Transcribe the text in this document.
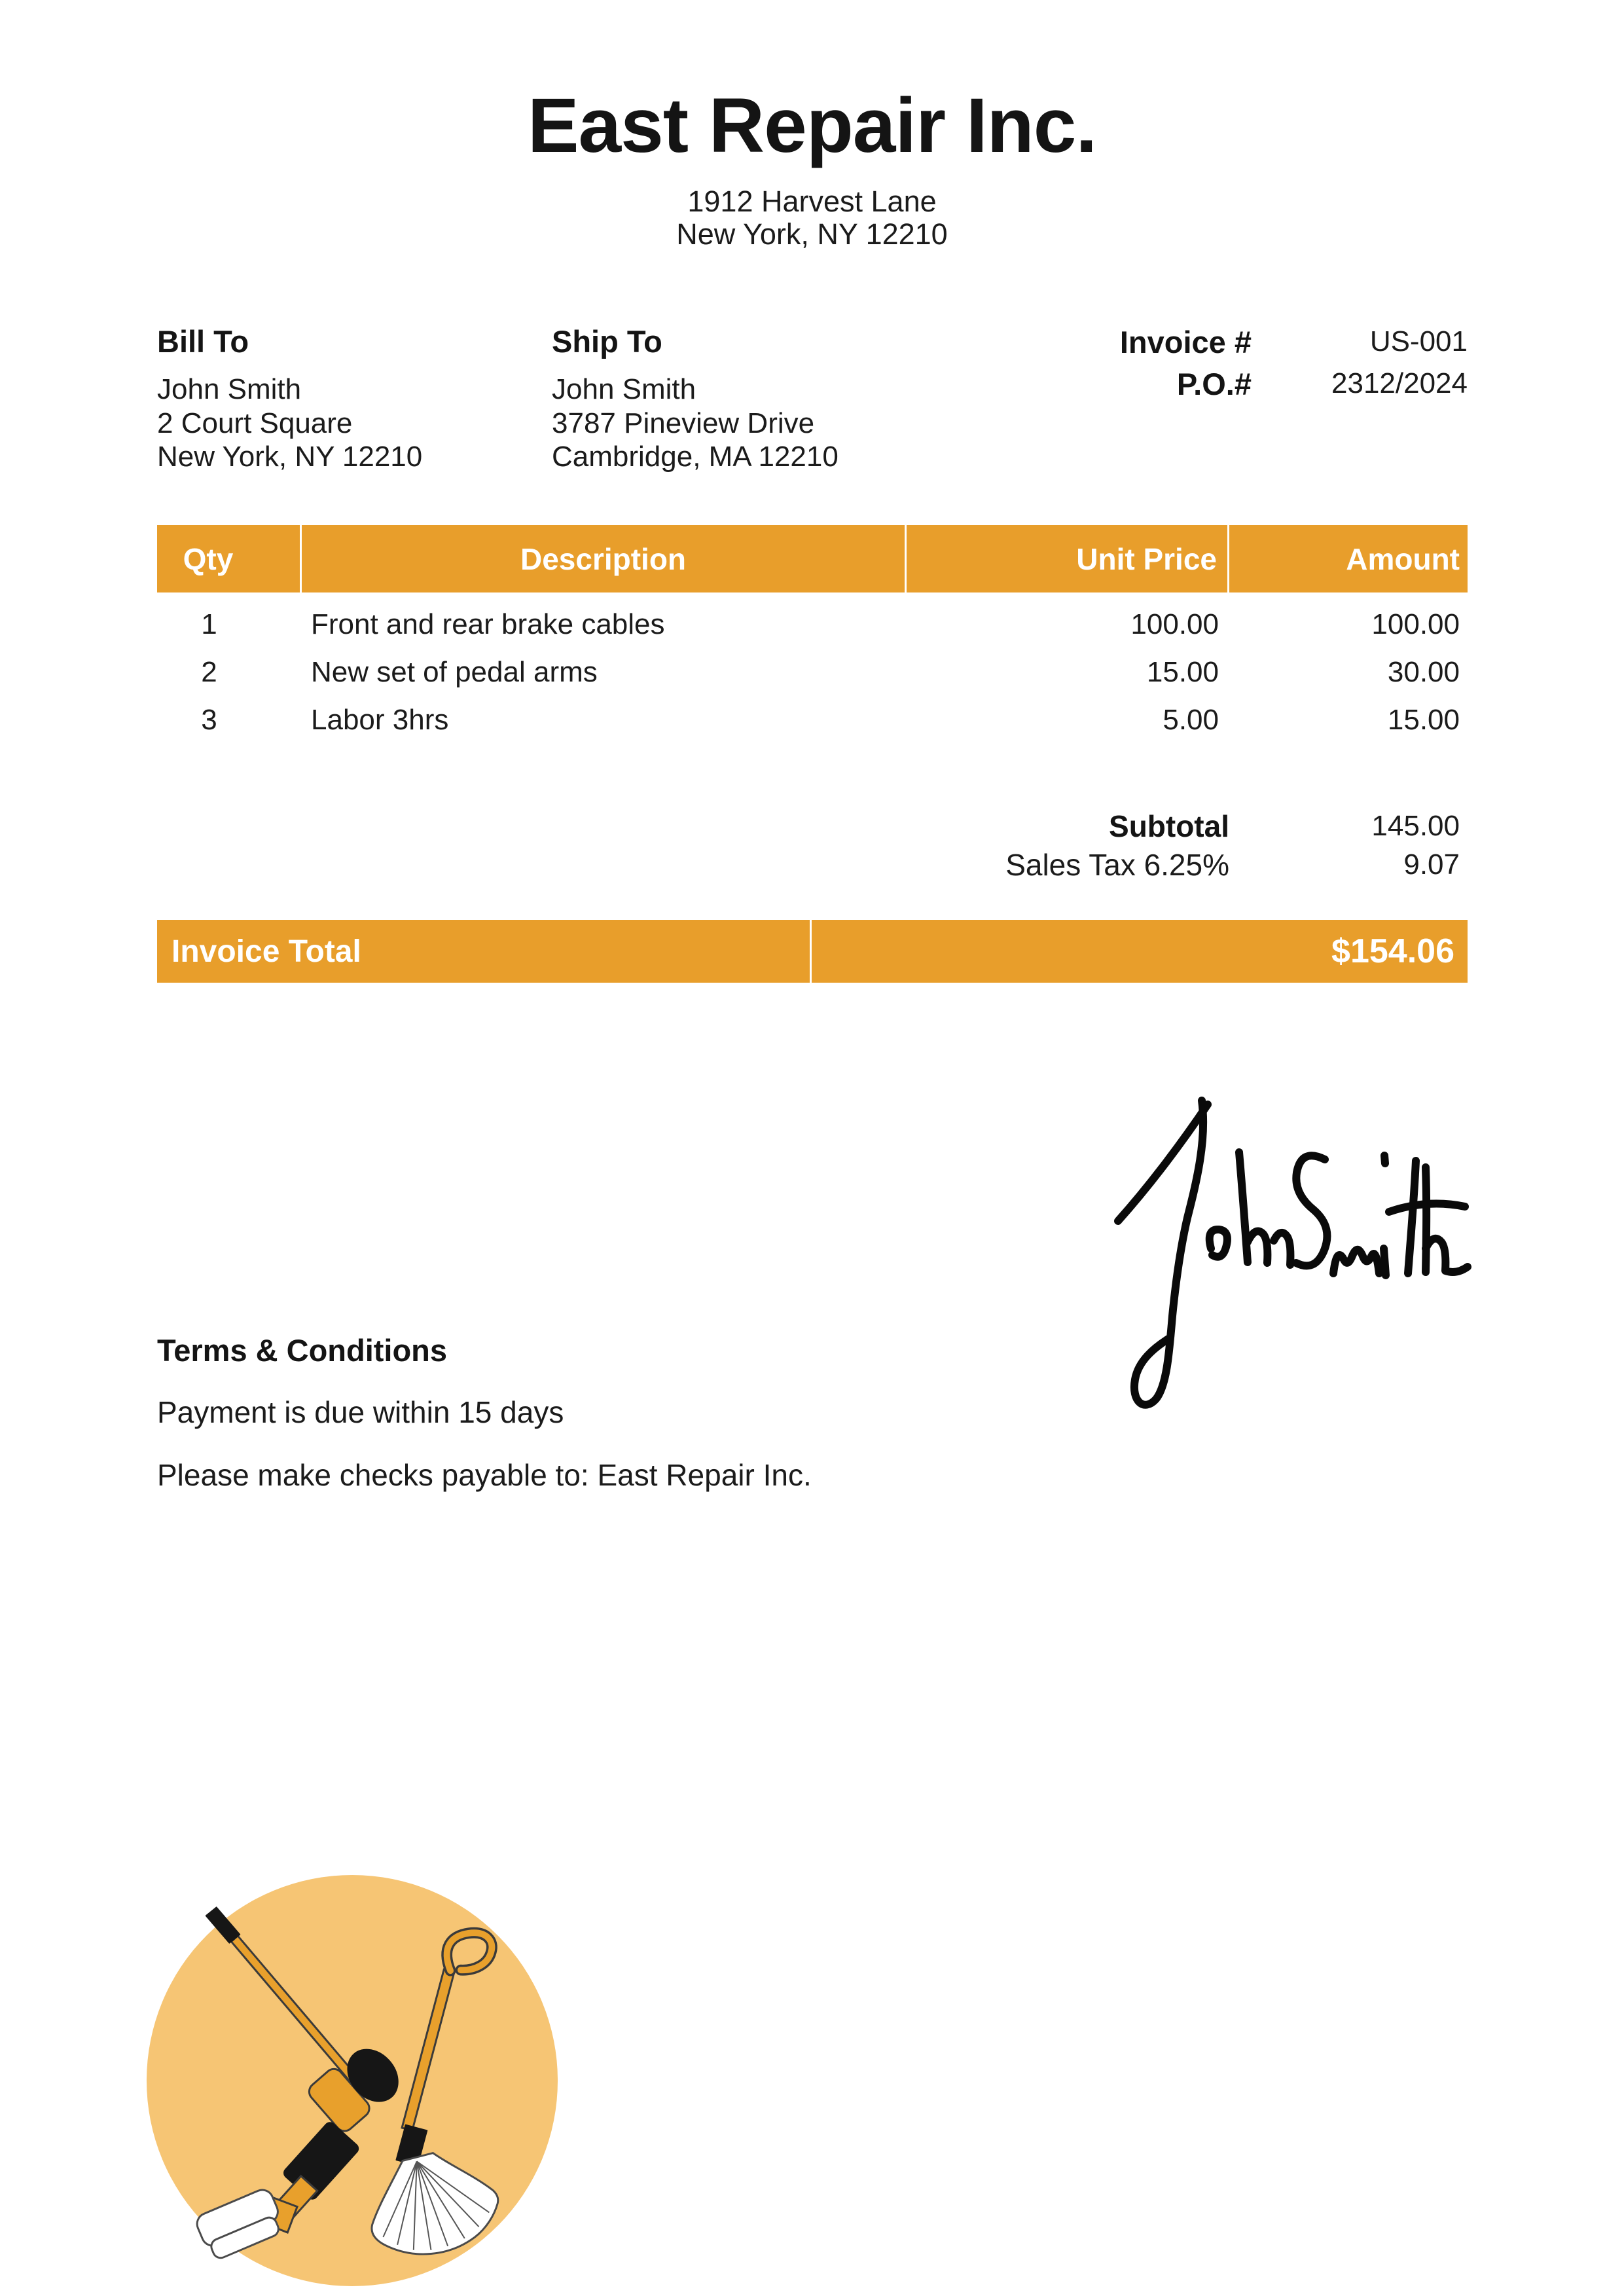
East Repair Inc.
1912 Harvest Lane
New York, NY 12210
Bill To
John Smith
2 Court Square
New York, NY 12210
Ship To
John Smith
3787 Pineview Drive
Cambridge, MA 12210
Invoice #	US-001
P.O.#	2312/2024
Qty	Description	Unit Price	Amount
1	Front and rear brake cables	100.00	100.00
2	New set of pedal arms	15.00	30.00
3	Labor 3hrs	5.00	15.00
Subtotal	145.00
Sales Tax 6.25%	9.07
Invoice Total	$154.06
Terms & Conditions

Payment is due within 15 days

Please make checks payable to: East Repair Inc.
